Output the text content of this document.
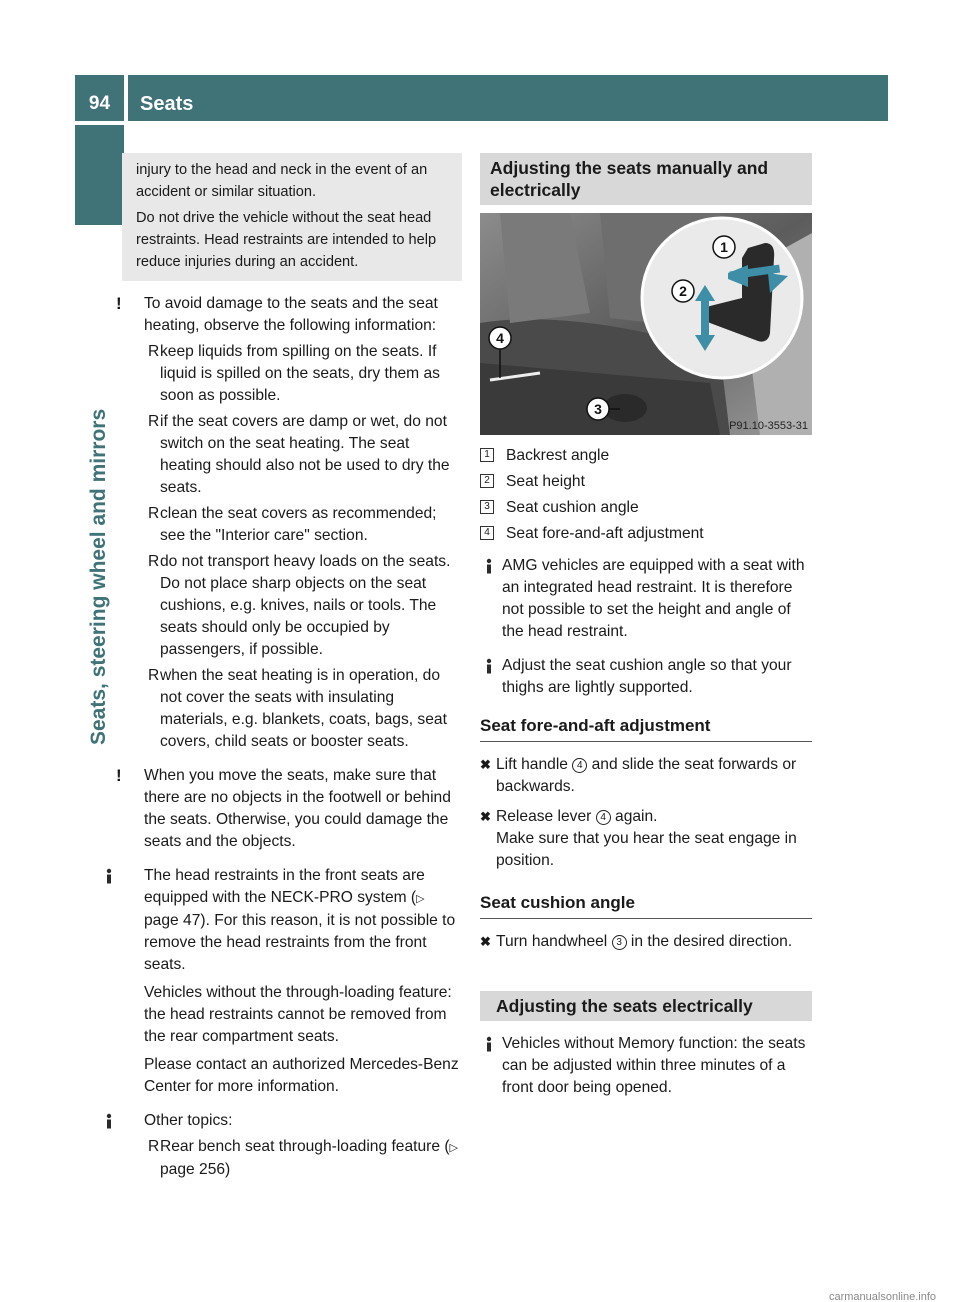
94	Seats
Seats, steering wheel and mirrors

injury to the head and neck in the event of an accident or similar situation.

Do not drive the vehicle without the seat head restraints. Head restraints are intended to help reduce injuries during an accident.

! To avoid damage to the seats and the seat heating, observe the following information:
R keep liquids from spilling on the seats. If liquid is spilled on the seats, dry them as soon as possible.
R if the seat covers are damp or wet, do not switch on the seat heating. The seat heating should also not be used to dry the seats.
R clean the seat covers as recommended; see the "Interior care" section.
R do not transport heavy loads on the seats. Do not place sharp objects on the seat cushions, e.g. knives, nails or tools. The seats should only be occupied by passengers, if possible.
R when the seat heating is in operation, do not cover the seats with insulating materials, e.g. blankets, coats, bags, seat covers, child seats or booster seats.
! When you move the seats, make sure that there are no objects in the footwell or behind the seats. Otherwise, you could damage the seats and the objects.
The head restraints in the front seats are equipped with the NECK-PRO system (▷ page 47). For this reason, it is not possible to remove the head restraints from the front seats.

Vehicles without the through-loading feature: the head restraints cannot be removed from the rear compartment seats.

Please contact an authorized Mercedes-Benz Center for more information.

Other topics:
R Rear bench seat through-loading feature (▷ page 256)
Adjusting the seats manually and electrically
1
2
3
4
P91.10-3553-31
1 Backrest angle
2 Seat height
3 Seat cushion angle
4 Seat fore-and-aft adjustment
AMG vehicles are equipped with a seat with an integrated head restraint. It is therefore not possible to set the height and angle of the head restraint.
Adjust the seat cushion angle so that your thighs are lightly supported.
Seat fore-and-aft adjustment
✖ Lift handle 4 and slide the seat forwards or backwards.
✖ Release lever 4 again.
Make sure that you hear the seat engage in position.
Seat cushion angle
✖ Turn handwheel 3 in the desired direction.
Adjusting the seats electrically
Vehicles without Memory function: the seats can be adjusted within three minutes of a front door being opened.
carmanualsonline.info
